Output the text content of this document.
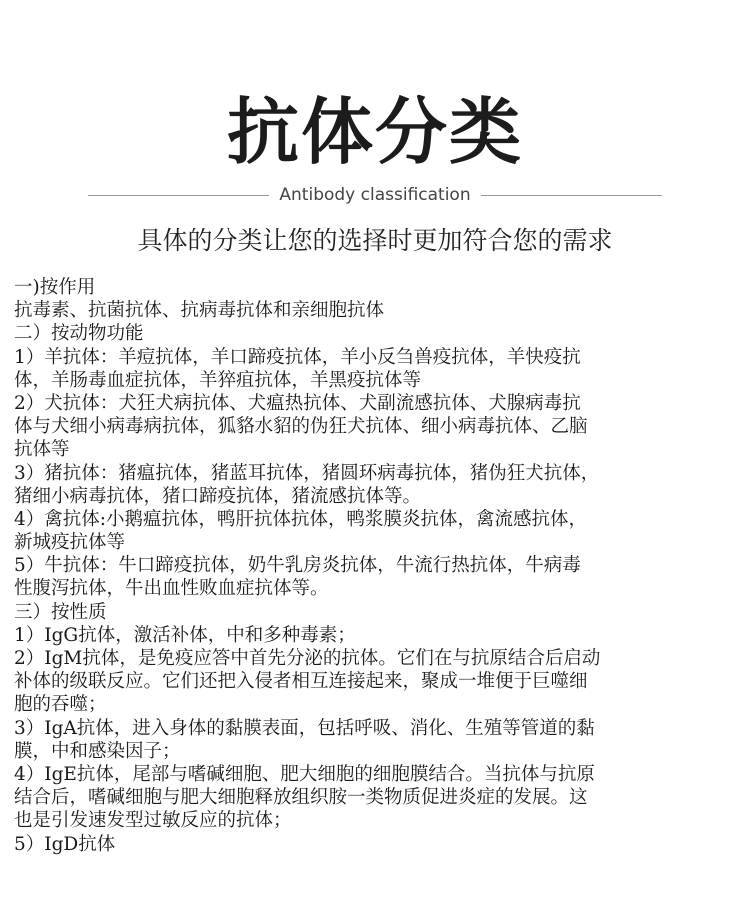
抗体分类
Antibody classification
具体的分类让您的选择时更加符合您的需求
一)按作用
抗毒素、抗菌抗体、抗病毒抗体和亲细胞抗体
二）按动物功能
1）羊抗体：羊痘抗体，羊口蹄疫抗体，羊小反刍兽疫抗体，羊快疫抗
体，羊肠毒血症抗体，羊猝疽抗体，羊黑疫抗体等
2）犬抗体：犬狂犬病抗体、犬瘟热抗体、犬副流感抗体、犬腺病毒抗
体与犬细小病毒病抗体，狐貉水貂的伪狂犬抗体、细小病毒抗体、乙脑
抗体等
3）猪抗体：猪瘟抗体，猪蓝耳抗体，猪圆环病毒抗体，猪伪狂犬抗体，
猪细小病毒抗体，猪口蹄疫抗体，猪流感抗体等。
4）禽抗体:小鹅瘟抗体，鸭肝抗体抗体，鸭浆膜炎抗体，禽流感抗体，
新城疫抗体等
5）牛抗体：牛口蹄疫抗体，奶牛乳房炎抗体，牛流行热抗体，牛病毒
性腹泻抗体，牛出血性败血症抗体等。
三）按性质
1）IgG抗体，激活补体，中和多种毒素；
2）IgM抗体，是免疫应答中首先分泌的抗体。它们在与抗原结合后启动
补体的级联反应。它们还把入侵者相互连接起来，聚成一堆便于巨噬细
胞的吞噬；
3）IgA抗体，进入身体的黏膜表面，包括呼吸、消化、生殖等管道的黏
膜，中和感染因子；
4）IgE抗体，尾部与嗜碱细胞、肥大细胞的细胞膜结合。当抗体与抗原
结合后，嗜碱细胞与肥大细胞释放组织胺一类物质促进炎症的发展。这
也是引发速发型过敏反应的抗体；
5）IgD抗体
